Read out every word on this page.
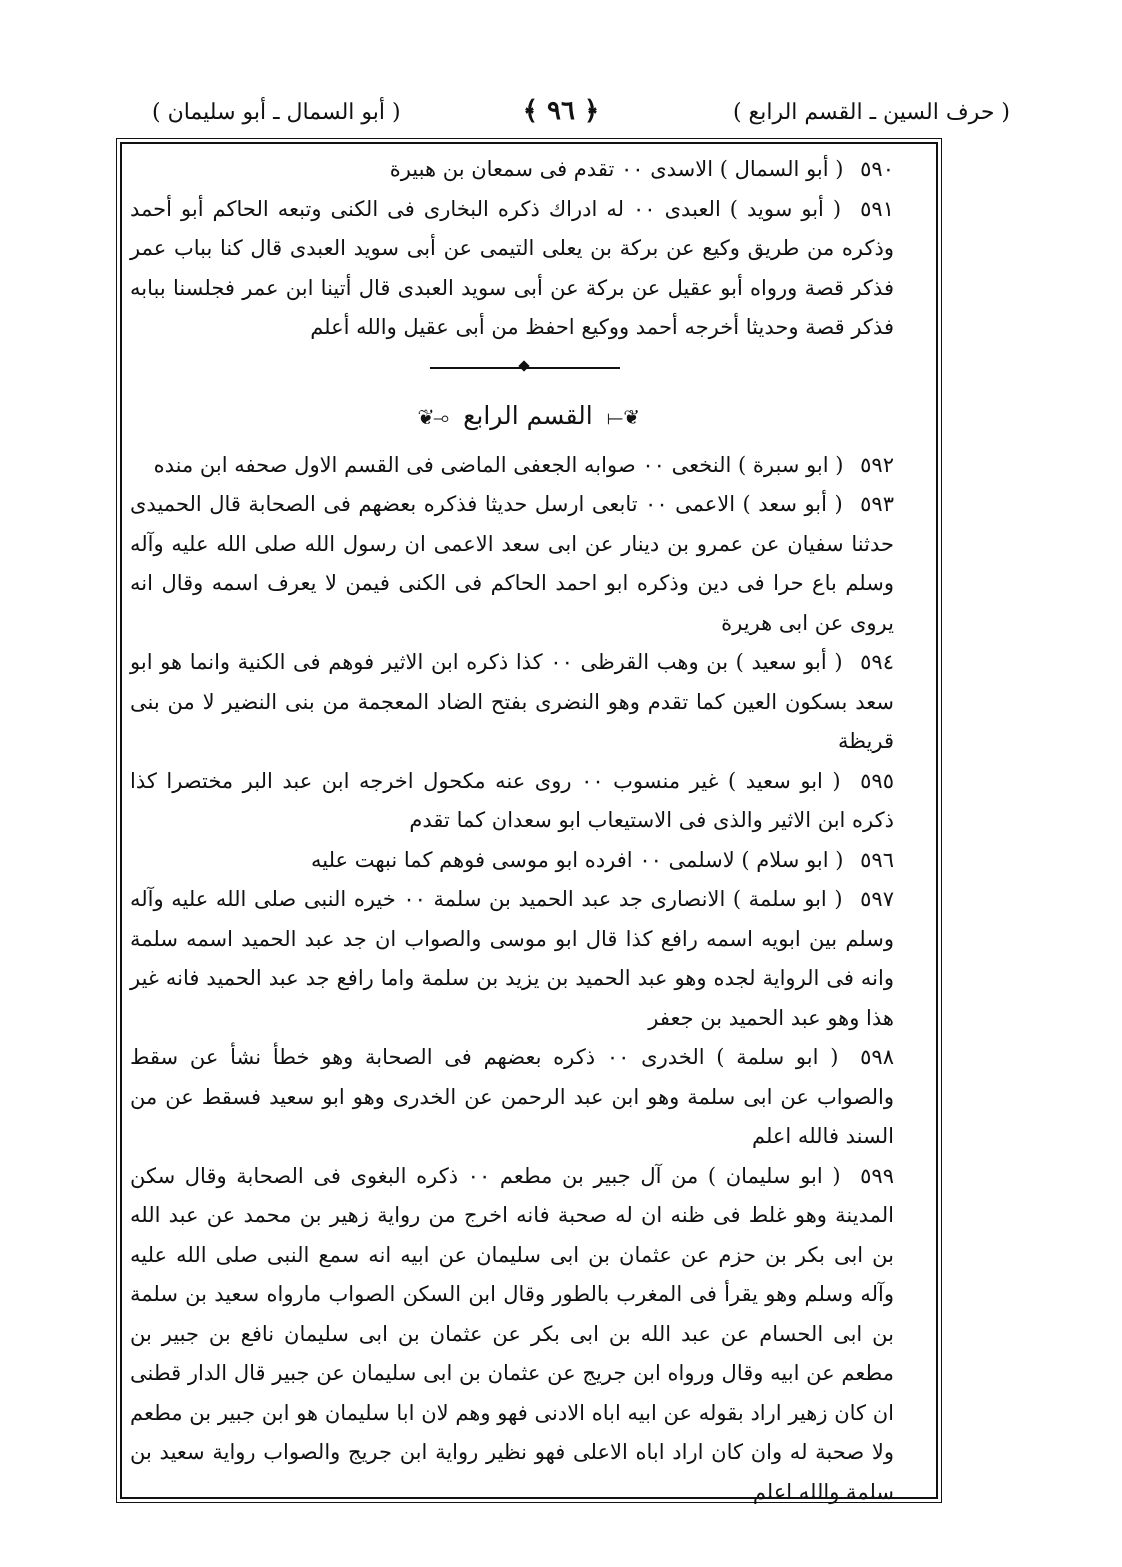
( حرف السين ـ القسم الرابع )
﴿ ٩٦ ﴾
( أبو السمال ـ أبو سليمان )

٥٩٠ ( أبو السمال ) الاسدى ٠٠ تقدم فى سمعان بن هبيرة

٥٩١ ( أبو سويد ) العبدى ٠٠ له ادراك ذكره البخارى فى الكنى وتبعه الحاكم أبو أحمد وذكره من طريق وكيع عن بركة بن يعلى التيمى عن أبى سويد العبدى قال كنا بباب عمر فذكر قصة ورواه أبو عقيل عن بركة عن أبى سويد العبدى قال أتينا ابن عمر فجلسنا ببابه فذكر قصة وحديثا أخرجه أحمد ووكيع احفظ من أبى عقيل والله أعلم

❦⟞ القسم الرابع ⟜❦

٥٩٢ ( ابو سبرة ) النخعى ٠٠ صوابه الجعفى الماضى فى القسم الاول صحفه ابن منده

٥٩٣ ( أبو سعد ) الاعمى ٠٠ تابعى ارسل حديثا فذكره بعضهم فى الصحابة قال الحميدى حدثنا سفيان عن عمرو بن دينار عن ابى سعد الاعمى ان رسول الله صلى الله عليه وآله وسلم باع حرا فى دين وذكره ابو احمد الحاكم فى الكنى فيمن لا يعرف اسمه وقال انه يروى عن ابى هريرة

٥٩٤ ( أبو سعيد ) بن وهب القرظى ٠٠ كذا ذكره ابن الاثير فوهم فى الكنية وانما هو ابو سعد بسكون العين كما تقدم وهو النضرى بفتح الضاد المعجمة من بنى النضير لا من بنى قريظة

٥٩٥ ( ابو سعيد ) غير منسوب ٠٠ روى عنه مكحول اخرجه ابن عبد البر مختصرا كذا ذكره ابن الاثير والذى فى الاستيعاب ابو سعدان كما تقدم

٥٩٦ ( ابو سلام ) لاسلمى ٠٠ افرده ابو موسى فوهم كما نبهت عليه

٥٩٧ ( ابو سلمة ) الانصارى جد عبد الحميد بن سلمة ٠٠ خيره النبى صلى الله عليه وآله وسلم بين ابويه اسمه رافع كذا قال ابو موسى والصواب ان جد عبد الحميد اسمه سلمة وانه فى الرواية لجده وهو عبد الحميد بن يزيد بن سلمة واما رافع جد عبد الحميد فانه غير هذا وهو عبد الحميد بن جعفر

٥٩٨ ( ابو سلمة ) الخدرى ٠٠ ذكره بعضهم فى الصحابة وهو خطأ نشأ عن سقط والصواب عن ابى سلمة وهو ابن عبد الرحمن عن الخدرى وهو ابو سعيد فسقط عن من السند فالله اعلم

٥٩٩ ( ابو سليمان ) من آل جبير بن مطعم ٠٠ ذكره البغوى فى الصحابة وقال سكن المدينة وهو غلط فى ظنه ان له صحبة فانه اخرج من رواية زهير بن محمد عن عبد الله بن ابى بكر بن حزم عن عثمان بن ابى سليمان عن ابيه انه سمع النبى صلى الله عليه وآله وسلم وهو يقرأ فى المغرب بالطور وقال ابن السكن الصواب مارواه سعيد بن سلمة بن ابى الحسام عن عبد الله بن ابى بكر عن عثمان بن ابى سليمان نافع بن جبير بن مطعم عن ابيه وقال ورواه ابن جريج عن عثمان بن ابى سليمان عن جبير قال الدار قطنى ان كان زهير اراد بقوله عن ابيه اباه الادنى فهو وهم لان ابا سليمان هو ابن جبير بن مطعم ولا صحبة له وان كان اراد اباه الاعلى فهو نظير رواية ابن جريج والصواب رواية سعيد بن سلمة والله اعلم
